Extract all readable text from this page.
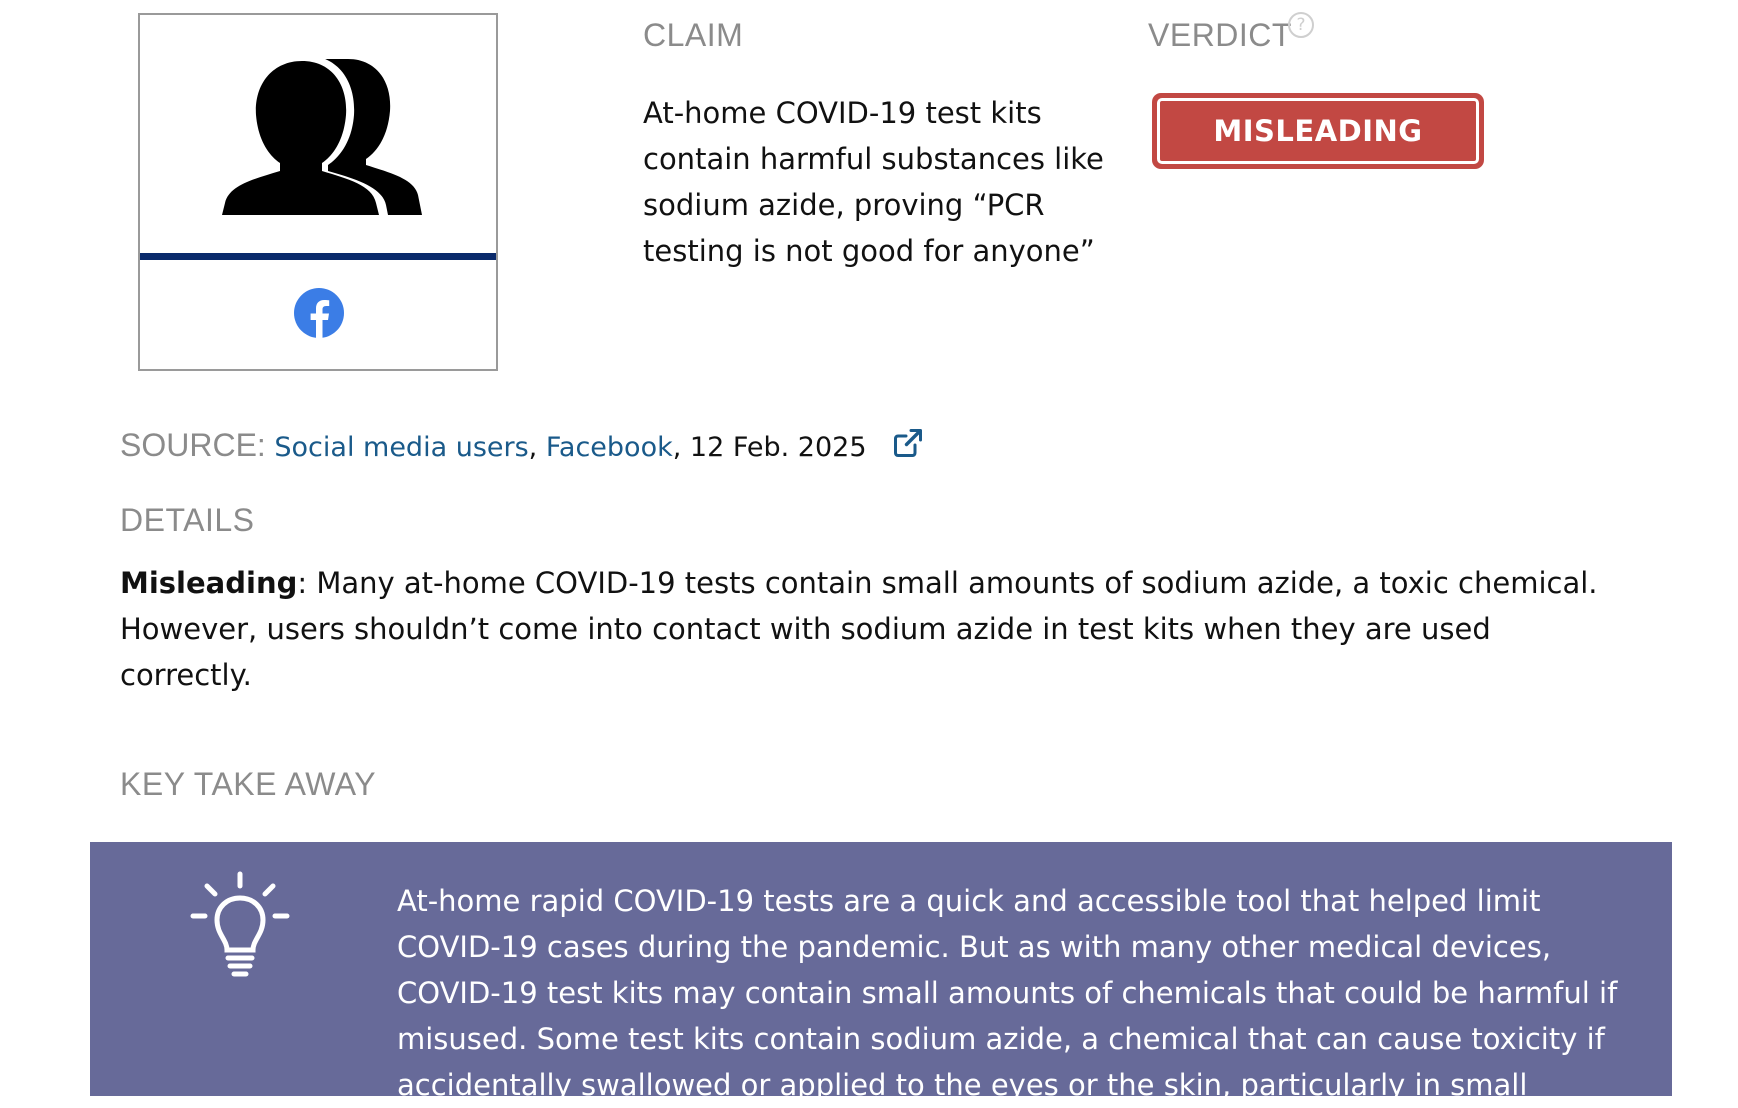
CLAIM	VERDICT ?
At-home COVID-19 test kits contain harmful substances like sodium azide, proving “PCR testing is not good for anyone”
MISLEADING
SOURCE: Social media users, Facebook, 12 Feb. 2025
DETAILS
Misleading: Many at-home COVID-19 tests contain small amounts of sodium azide, a toxic chemical. However, users shouldn’t come into contact with sodium azide in test kits when they are used correctly.
KEY TAKE AWAY
At-home rapid COVID-19 tests are a quick and accessible tool that helped limit COVID-19 cases during the pandemic. But as with many other medical devices, COVID-19 test kits may contain small amounts of chemicals that could be harmful if misused. Some test kits contain sodium azide, a chemical that can cause toxicity if accidentally swallowed or applied to the eyes or the skin, particularly in small
